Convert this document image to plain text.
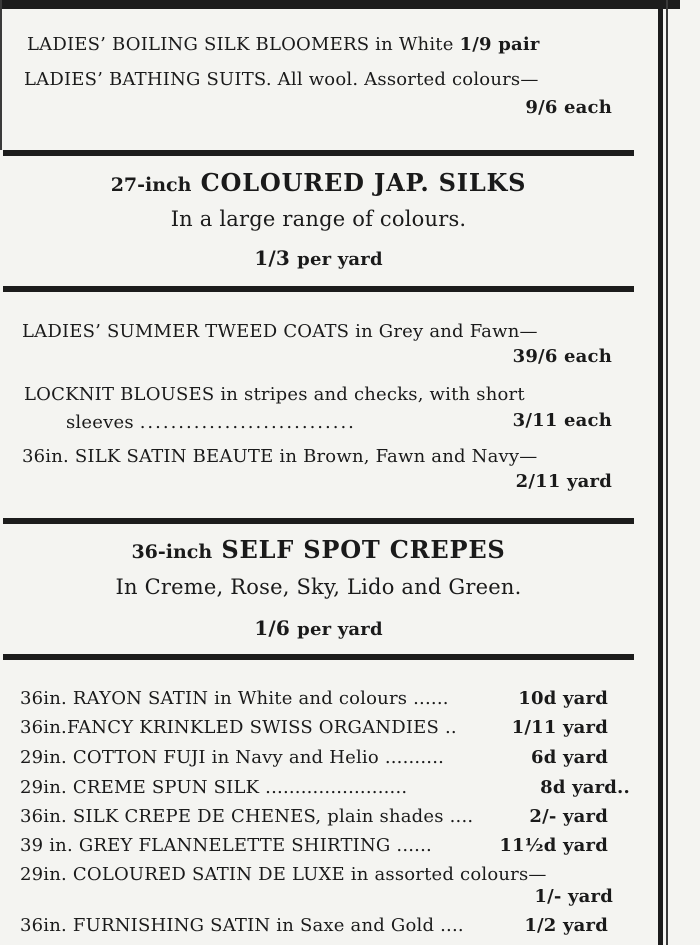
LADIES’ BOILING SILK BLOOMERS in White 1/9 pair
LADIES’ BATHING SUITS. All wool. Assorted colours—
9/6 each
27-inch COLOURED JAP. SILKS
In a large range of colours.
1/3 per yard
LADIES’ SUMMER TWEED COATS in Grey and Fawn—
39/6 each
LOCKNIT BLOUSES in stripes and checks, with short
sleeves ............................	3/11 each
36in. SILK SATIN BEAUTE in Brown, Fawn and Navy—
2/11 yard
36-inch SELF SPOT CREPES
In Creme, Rose, Sky, Lido and Green.
1/6 per yard
36in. RAYON SATIN in White and colours ......	10d yard
36in.FANCY KRINKLED SWISS ORGANDIES ..	1/11 yard
29in. COTTON FUJI in Navy and Helio ..........	6d yard
29in. CREME SPUN SILK ........................	8d yard..
36in. SILK CREPE DE CHENES, plain shades ....	2/- yard
39 in. GREY FLANNELETTE SHIRTING ......	11½d yard
29in. COLOURED SATIN DE LUXE in assorted colours—
1/- yard
36in. FURNISHING SATIN in Saxe and Gold ....	1/2 yard
